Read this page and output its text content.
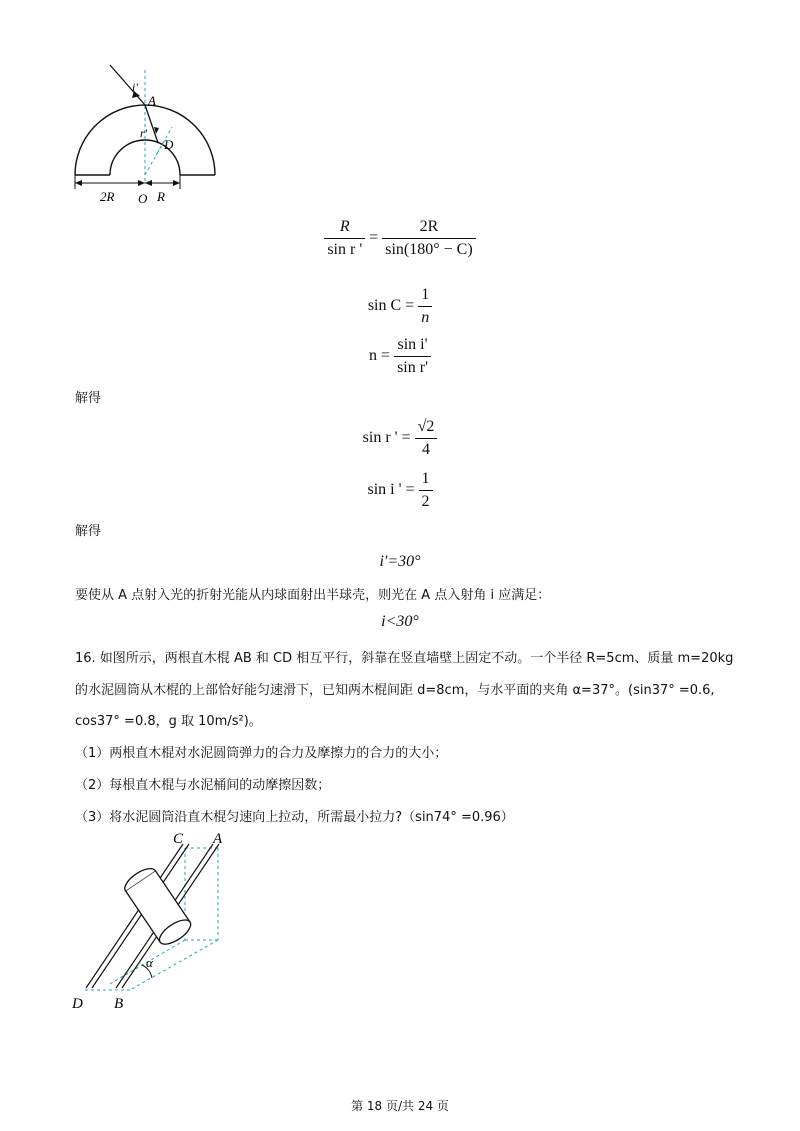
i'
A
r'
D
2R O R
$\frac{R}{\text{sin r '}} = \frac{2R}{\sin(180^\circ - C)}$
$\sin C = \frac{1}{n}$
$n = \frac{\text{sin i'}}{\text{sin r'}}$
解得
sin r ' = $\frac{√2}{4}$
sin i ' = $\frac{1}{2}$
解得
i'=30°
要使从 A 点射入光的折射光能从内球面射出半球壳，则光在 A 点入射角 i 应满足：
i<30°
16. 如图所示，两根直木棍 AB 和 CD 相互平行，斜靠在竖直墙壁上固定不动。一个半径 R=5cm、质量 m=20kg
的水泥圆筒从木棍的上部恰好能匀速滑下，已知两木棍间距 d=8cm，与水平面的夹角 α=37°。(sin37° =0.6,
cos37° =0.8，g 取 10m/s²)。
（1）两根直木棍对水泥圆筒弹力的合力及摩擦力的合力的大小；
（2）每根直木棍与水泥桶间的动摩擦因数；
（3）将水泥圆筒沿直木棍匀速向上拉动，所需最小拉力?（sin74° =0.96）
C A
α
D B
第 18 页/共 24 页
